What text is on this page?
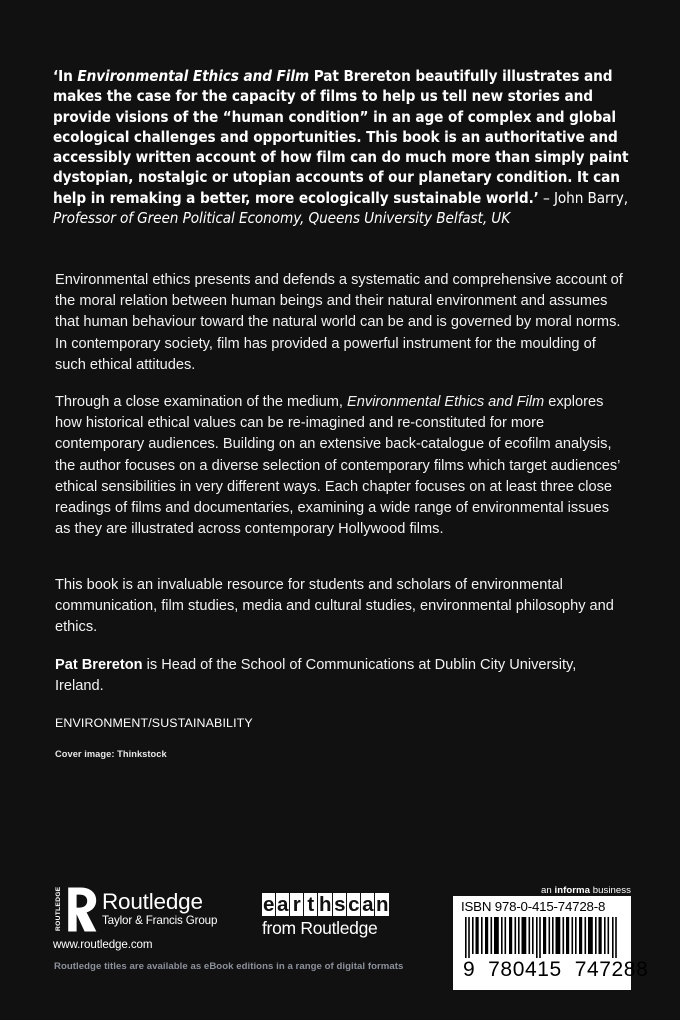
‘In Environmental Ethics and Film Pat Brereton beautifully illustrates and makes the case for the capacity of films to help us tell new stories and provide visions of the “human condition” in an age of complex and global ecological challenges and opportunities. This book is an authoritative and accessibly written account of how film can do much more than simply paint dystopian, nostalgic or utopian accounts of our planetary condition. It can help in remaking a better, more ecologically sustainable world.’ – John Barry, Professor of Green Political Economy, Queens University Belfast, UK
Environmental ethics presents and defends a systematic and comprehensive account of the moral relation between human beings and their natural environment and assumes that human behaviour toward the natural world can be and is governed by moral norms. In contemporary society, film has provided a powerful instrument for the moulding of such ethical attitudes.
Through a close examination of the medium, Environmental Ethics and Film explores how historical ethical values can be re-imagined and re-constituted for more contemporary audiences. Building on an extensive back-catalogue of ecofilm analysis, the author focuses on a diverse selection of contemporary films which target audiences’ ethical sensibilities in very different ways. Each chapter focuses on at least three close readings of films and documentaries, examining a wide range of environmental issues as they are illustrated across contemporary Hollywood films.
This book is an invaluable resource for students and scholars of environmental communication, film studies, media and cultural studies, environmental philosophy and ethics.
Pat Brereton is Head of the School of Communications at Dublin City University, Ireland.
ENVIRONMENT/SUSTAINABILITY
Cover image: Thinkstock
ROUTLEDGE Routledge
Taylor & Francis Group
www.routledge.com
Routledge titles are available as eBook editions in a range of digital formats
e a r t h s c a n
from Routledge
an informa business
ISBN 978-0-415-74728-8
9  780415  747288
